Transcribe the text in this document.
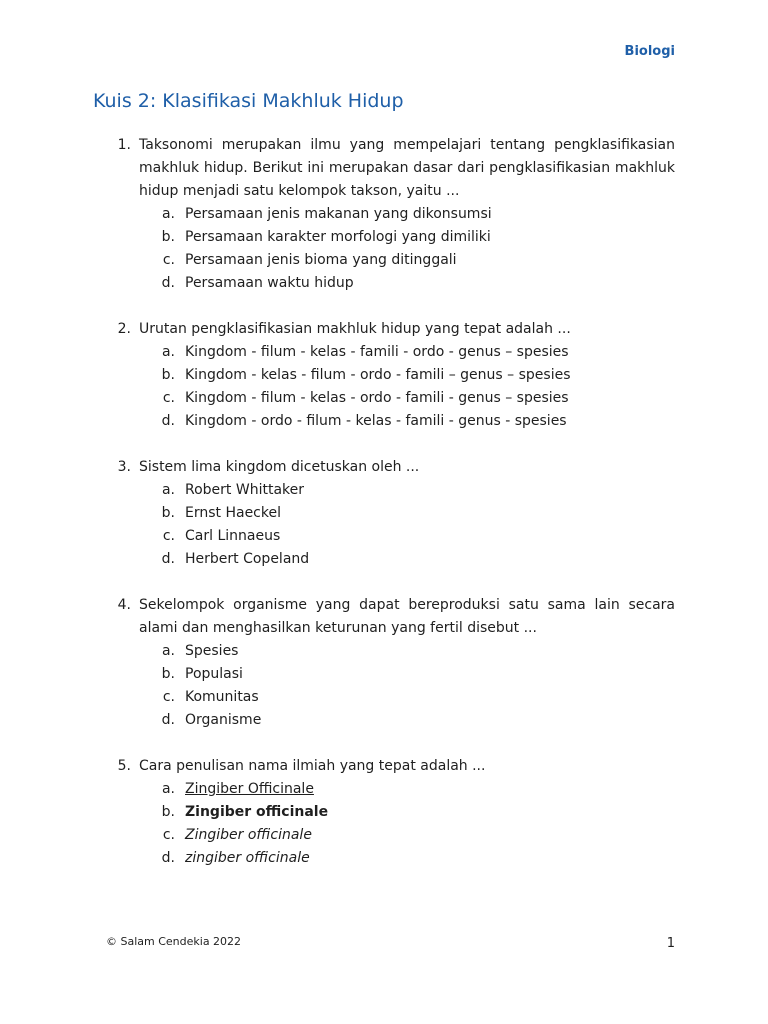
Biologi
Kuis 2: Klasifikasi Makhluk Hidup
1. Taksonomi merupakan ilmu yang mempelajari tentang pengklasifikasian makhluk hidup. Berikut ini merupakan dasar dari pengklasifikasian makhluk hidup menjadi satu kelompok takson, yaitu ...
a. Persamaan jenis makanan yang dikonsumsi
b. Persamaan karakter morfologi yang dimiliki
c. Persamaan jenis bioma yang ditinggali
d. Persamaan waktu hidup
2. Urutan pengklasifikasian makhluk hidup yang tepat adalah ...
a. Kingdom - filum - kelas - famili - ordo - genus – spesies
b. Kingdom - kelas - filum - ordo - famili – genus – spesies
c. Kingdom - filum - kelas - ordo - famili - genus – spesies
d. Kingdom - ordo - filum - kelas - famili - genus - spesies
3. Sistem lima kingdom dicetuskan oleh ...
a. Robert Whittaker
b. Ernst Haeckel
c. Carl Linnaeus
d. Herbert Copeland
4. Sekelompok organisme yang dapat bereproduksi satu sama lain secara alami dan menghasilkan keturunan yang fertil disebut ...
a. Spesies
b. Populasi
c. Komunitas
d. Organisme
5. Cara penulisan nama ilmiah yang tepat adalah ...
a. Zingiber Officinale
b. Zingiber officinale
c. Zingiber officinale
d. zingiber officinale
© Salam Cendekia 2022	1
